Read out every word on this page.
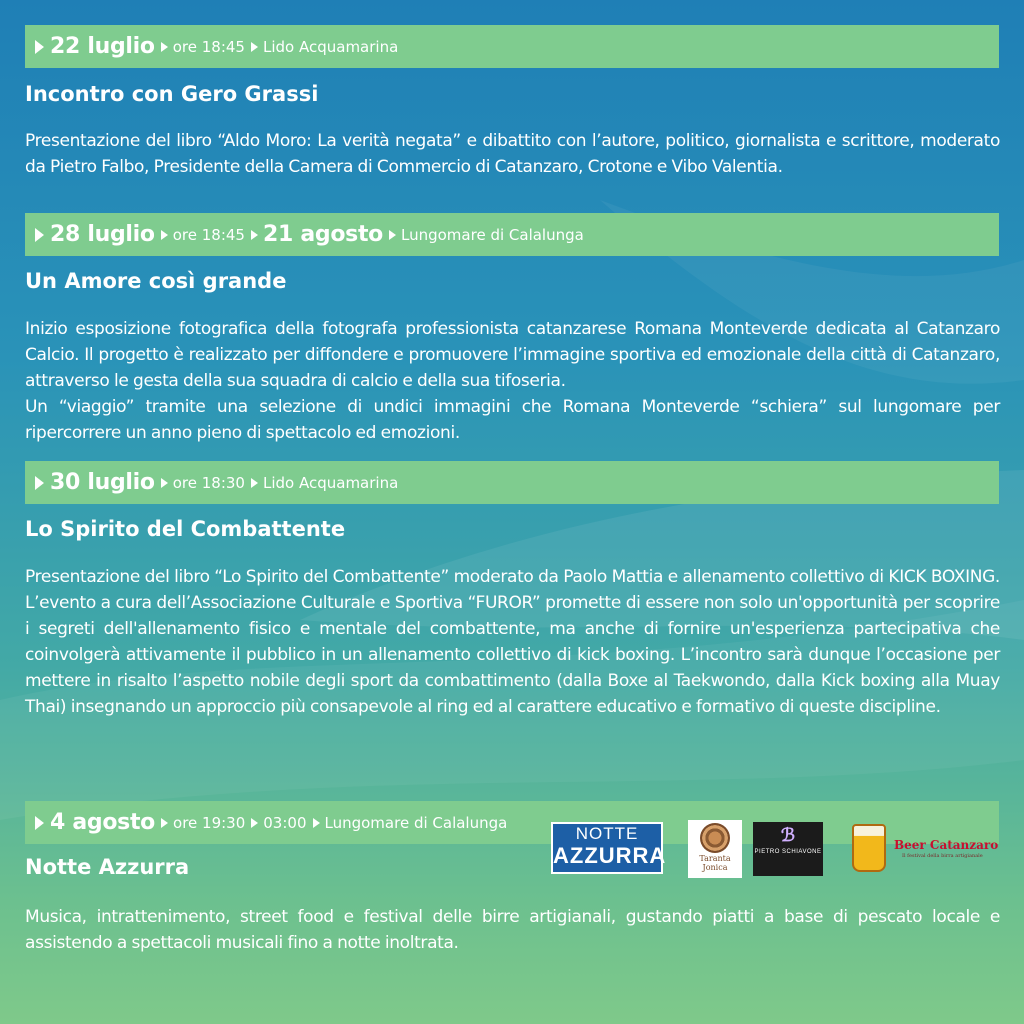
22 luglio ore 18:45 Lido Acquamarina
Incontro con Gero Grassi

Presentazione del libro “Aldo Moro: La verità negata” e dibattito con l’autore, politico, giornalista e scrittore, moderato da Pietro Falbo, Presidente della Camera di Commercio di Catanzaro, Crotone e Vibo Valentia.

28 luglio ore 18:45 21 agosto Lungomare di Calalunga
Un Amore così grande

Inizio esposizione fotografica della fotografa professionista catanzarese Romana Monteverde dedicata al Catanzaro Calcio. Il progetto è realizzato per diffondere e promuovere l’immagine sportiva ed emozionale della città di Catanzaro, attraverso le gesta della sua squadra di calcio e della sua tifoseria.

Un “viaggio” tramite una selezione di undici immagini che Romana Monteverde “schiera” sul lungomare per ripercorrere un anno pieno di spettacolo ed emozioni.

30 luglio ore 18:30 Lido Acquamarina
Lo Spirito del Combattente

Presentazione del libro “Lo Spirito del Combattente” moderato da Paolo Mattia e allenamento collettivo di KICK BOXING. L’evento a cura dell’Associazione Culturale e Sportiva “FUROR” promette di essere non solo un'opportunità per scoprire i segreti dell'allenamento fisico e mentale del combattente, ma anche di fornire un'esperienza partecipativa che coinvolgerà attivamente il pubblico in un allenamento collettivo di kick boxing. L’incontro sarà dunque l’occasione per mettere in risalto l’aspetto nobile degli sport da combattimento (dalla Boxe al Taekwondo, dalla Kick boxing alla Muay Thai) insegnando un approccio più consapevole al ring ed al carattere educativo e formativo di queste discipline.

4 agosto ore 19:30 03:00 Lungomare di Calalunga
NOTTE
AZZURRA	Taranta Jonica
ℬ
PIETRO SCHIAVONE	Beer Catanzaro
Il festival della birra artigianale
Notte Azzurra

Musica, intrattenimento, street food e festival delle birre artigianali, gustando piatti a base di pescato locale e assistendo a spettacoli musicali fino a notte inoltrata.
